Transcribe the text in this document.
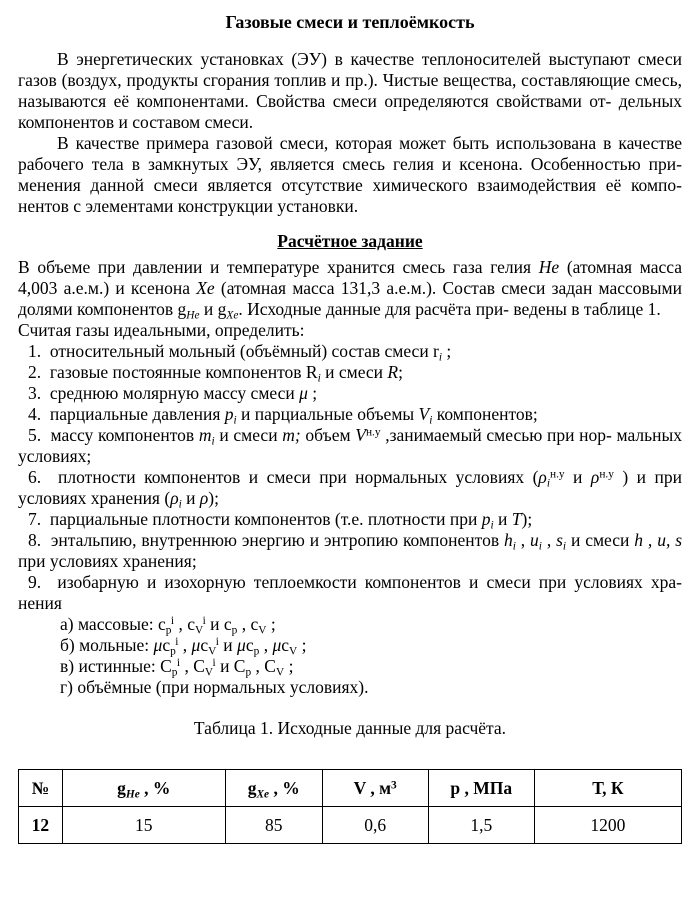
Газовые смеси и теплоёмкость

В энергетических установках (ЭУ) в качестве теплоносителей выступают смеси газов (воздух, продукты сгорания топлив и пр.). Чистые вещества, составляющие смесь, называются её компонентами. Свойства смеси определяются свойствами от- дельных компонентов и составом смеси.

В качестве примера газовой смеси, которая может быть использована в качестве рабочего тела в замкнутых ЭУ, является смесь гелия и ксенона. Особенностью при- менения данной смеси является отсутствие химического взаимодействия её компо- нентов с элементами конструкции установки.

Расчётное задание

В объеме при давлении и температуре хранится смесь газа гелия He (атомная масса 4,003 а.е.м.) и ксенона Xe (атомная масса 131,3 а.е.м.). Состав смеси задан массовыми долями компонентов $g_{He}$ и $g_{Xe}$. Исходные данные для расчёта при- ведены в таблице 1.

Считая газы идеальными, определить:

1.  относительный мольный (объёмный) состав смеси $r_i$ ;
2.  газовые постоянные компонентов $R_i$ и смеси R;
3.  среднюю молярную массу смеси μ ;
4.  парциальные давления $p_i$ и парциальные объемы $V_i$ компонентов;
5.  массу компонентов $m_i$ и смеси m; объем $V^{н.у}$ ,занимаемый смесью при нор- мальных условиях;
6.  плотности компонентов и смеси при нормальных условиях ($\rho_i^{н.у}$ и $\rho^{н.у}$ ) и при условиях хранения ($\rho_i$ и ρ);
7.  парциальные плотности компонентов (т.е. плотности при $p_i$ и T);
8.  энтальпию, внутреннюю энергию и энтропию компонентов $h_i$ , $u_i$ , $s_i$ и смеси h , u, s при условиях хранения;
9.  изобарную и изохорную теплоемкости компонентов и смеси при условиях хра- нения
а) массовые: $c_p^i$ , $c_V^i$ и $c_p$ , $c_V$ ;
б) мольные: $\mu c_p^i$ , $\mu c_V^i$ и $\mu c_p$ , $\mu c_V$ ;
в) истинные: $C_p^i$ , $C_V^i$ и $C_p$ , $C_V$ ;
г) объёмные (при нормальных условиях).

Таблица 1. Исходные данные для расчёта.

№	$g_{He}$ , %	$g_{Xe}$ , %	V , $м^3$	p , МПа	Т, К
12	15	85	0,6	1,5	1200
